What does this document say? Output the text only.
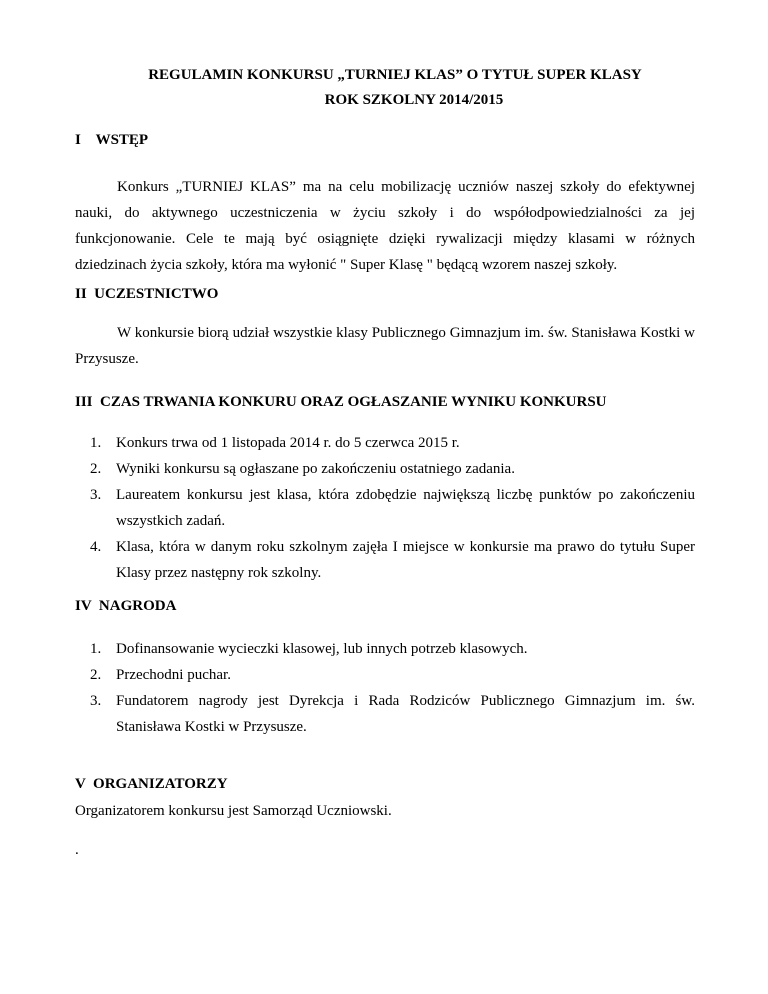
REGULAMIN KONKURSU „TURNIEJ KLAS” O TYTUŁ SUPER KLASY
ROK SZKOLNY 2014/2015
I    WSTĘP
Konkurs „TURNIEJ KLAS” ma na celu mobilizację uczniów naszej szkoły do efektywnej nauki, do aktywnego uczestniczenia w życiu szkoły i do współodpowiedzialności za jej funkcjonowanie. Cele te mają być osiągnięte dzięki rywalizacji między klasami w różnych dziedzinach życia szkoły, która ma wyłonić " Super Klasę " będącą wzorem naszej szkoły.
II  UCZESTNICTWO
W konkursie biorą udział wszystkie klasy Publicznego Gimnazjum im. św. Stanisława Kostki w Przysusze.
III  CZAS TRWANIA KONKURU ORAZ OGŁASZANIE WYNIKU KONKURSU
1. Konkurs trwa od 1 listopada 2014 r. do 5 czerwca 2015 r.
2. Wyniki konkursu są ogłaszane po zakończeniu ostatniego zadania.
3. Laureatem konkursu jest klasa, która zdobędzie największą liczbę punktów po zakończeniu wszystkich zadań.
4. Klasa, która w danym roku szkolnym zajęła I miejsce w konkursie ma prawo do tytułu Super Klasy przez następny rok szkolny.
IV  NAGRODA
1. Dofinansowanie wycieczki klasowej, lub innych potrzeb klasowych.
2. Przechodni puchar.
3. Fundatorem nagrody jest Dyrekcja i Rada Rodziców Publicznego Gimnazjum im. św. Stanisława Kostki w Przysusze.
V  ORGANIZATORZY
Organizatorem konkursu jest Samorząd Uczniowski.
.
